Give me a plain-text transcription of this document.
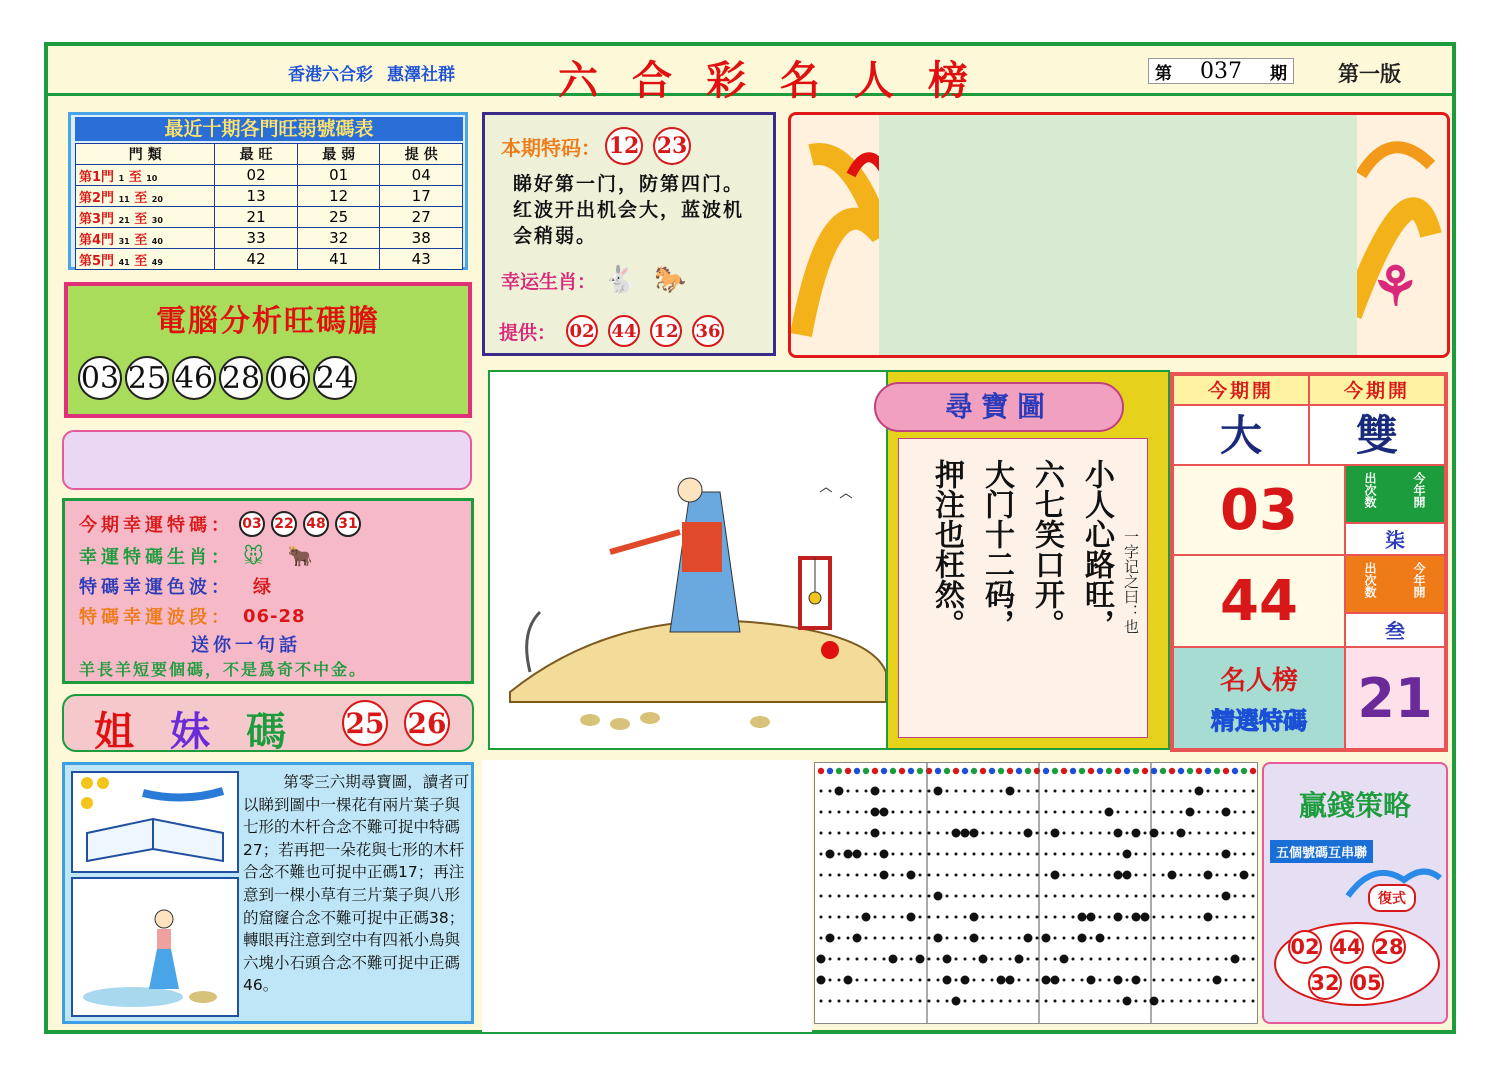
香港六合彩 惠澤社群	六合彩名人榜	第 037 期 第一版
最近十期各門旺弱號碼表
門 類	最 旺	最 弱	提 供
第1門 1 至 10	02	01	04
第2門 11 至 20	13	12	17
第3門 21 至 30	21	25	27
第4門 31 至 40	33	32	38
第5門 41 至 49	42	41	43
電腦分析旺碼膽
03 25 46 28 06 24
今期幸運特碼： 03 22 48 31
幸運特碼生肖： 🐭 🐂
特碼幸運色波： 绿
特碼幸運波段： 06-28
送你一句話
羊長羊短要個碼，不是爲奇不中金。
姐妹碼 25 26
第零三六期尋寶圖，讀者可以睇到圖中一棵花有兩片葉子與七形的木杆合念不難可捉中特碼27；若再把一朵花與七形的木杆合念不難也可捉中正碼17；再注意到一棵小草有三片葉子與八形的窟窿合念不難可捉中正碼38；轉眼再注意到空中有四衹小鳥與六塊小石頭合念不難可捉中正碼46。
本期特码： 12 23
睇好第一门，防第四门。红波开出机会大，蓝波机会稍弱。
幸运生肖： 🐇 🐎
提供： 02 44 12 36
⚘
尋寶圖
小人心路旺，
六七笑口开。
大门十二码，
押注也枉然。	一字记之曰：也
今期開	今期開
大	雙
03	出次数	今年開
柒
44	出次数	今年開
叁
名人榜
精選特碼 21
贏錢策略
五個號碼互串聯
復式
02 44 28
32 05
